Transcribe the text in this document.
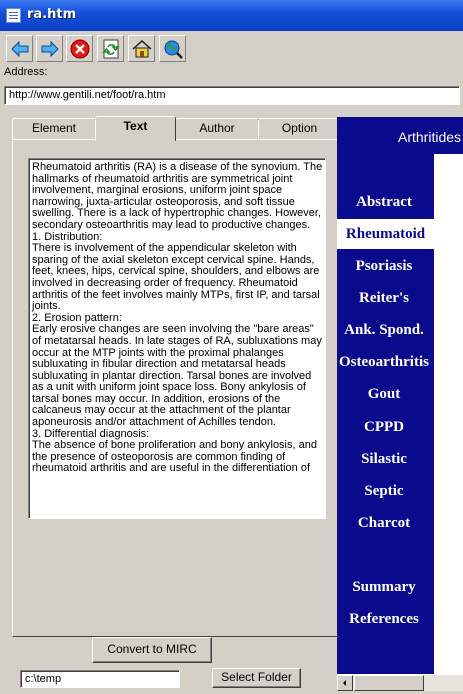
ra.htm
Address:
http://www.gentili.net/foot/ra.htm
Element	Text	Author	Option

Rheumatoid arthritis (RA) is a disease of the synovium. The hallmarks of rheumatoid arthritis are symmetrical joint involvement, marginal erosions, uniform joint space narrowing, juxta-articular osteoporosis, and soft tissue swelling. There is a lack of hypertrophic changes. However, secondary osteoarthritis may lead to productive changes.

1. Distribution:

There is involvement of the appendicular skeleton with sparing of the axial skeleton except cervical spine. Hands, feet, knees, hips, cervical spine, shoulders, and elbows are involved in decreasing order of frequency. Rheumatoid arthritis of the feet involves mainly MTPs, first IP, and tarsal joints.

2. Erosion pattern:

Early erosive changes are seen involving the "bare areas" of metatarsal heads. In late stages of RA, subluxations may occur at the MTP joints with the proximal phalanges subluxating in fibular direction and metatarsal heads subluxating in plantar direction. Tarsal bones are involved as a unit with uniform joint space loss. Bony ankylosis of tarsal bones may occur. In addition, erosions of the calcaneus may occur at the attachment of the plantar aponeurosis and/or attachment of Achilles tendon.

3. Differential diagnosis:

The absence of bone proliferation and bony ankylosis, and the presence of osteoporosis are common finding of rheumatoid arthritis and are useful in the differentiation of

Convert to MIRC
c:\temp	Select Folder
Arthritides
Abstract
Rheumatoid
Psoriasis
Reiter's
Ank. Spond.
Osteoarthritis
Gout
CPPD
Silastic
Septic
Charcot
Summary
References
